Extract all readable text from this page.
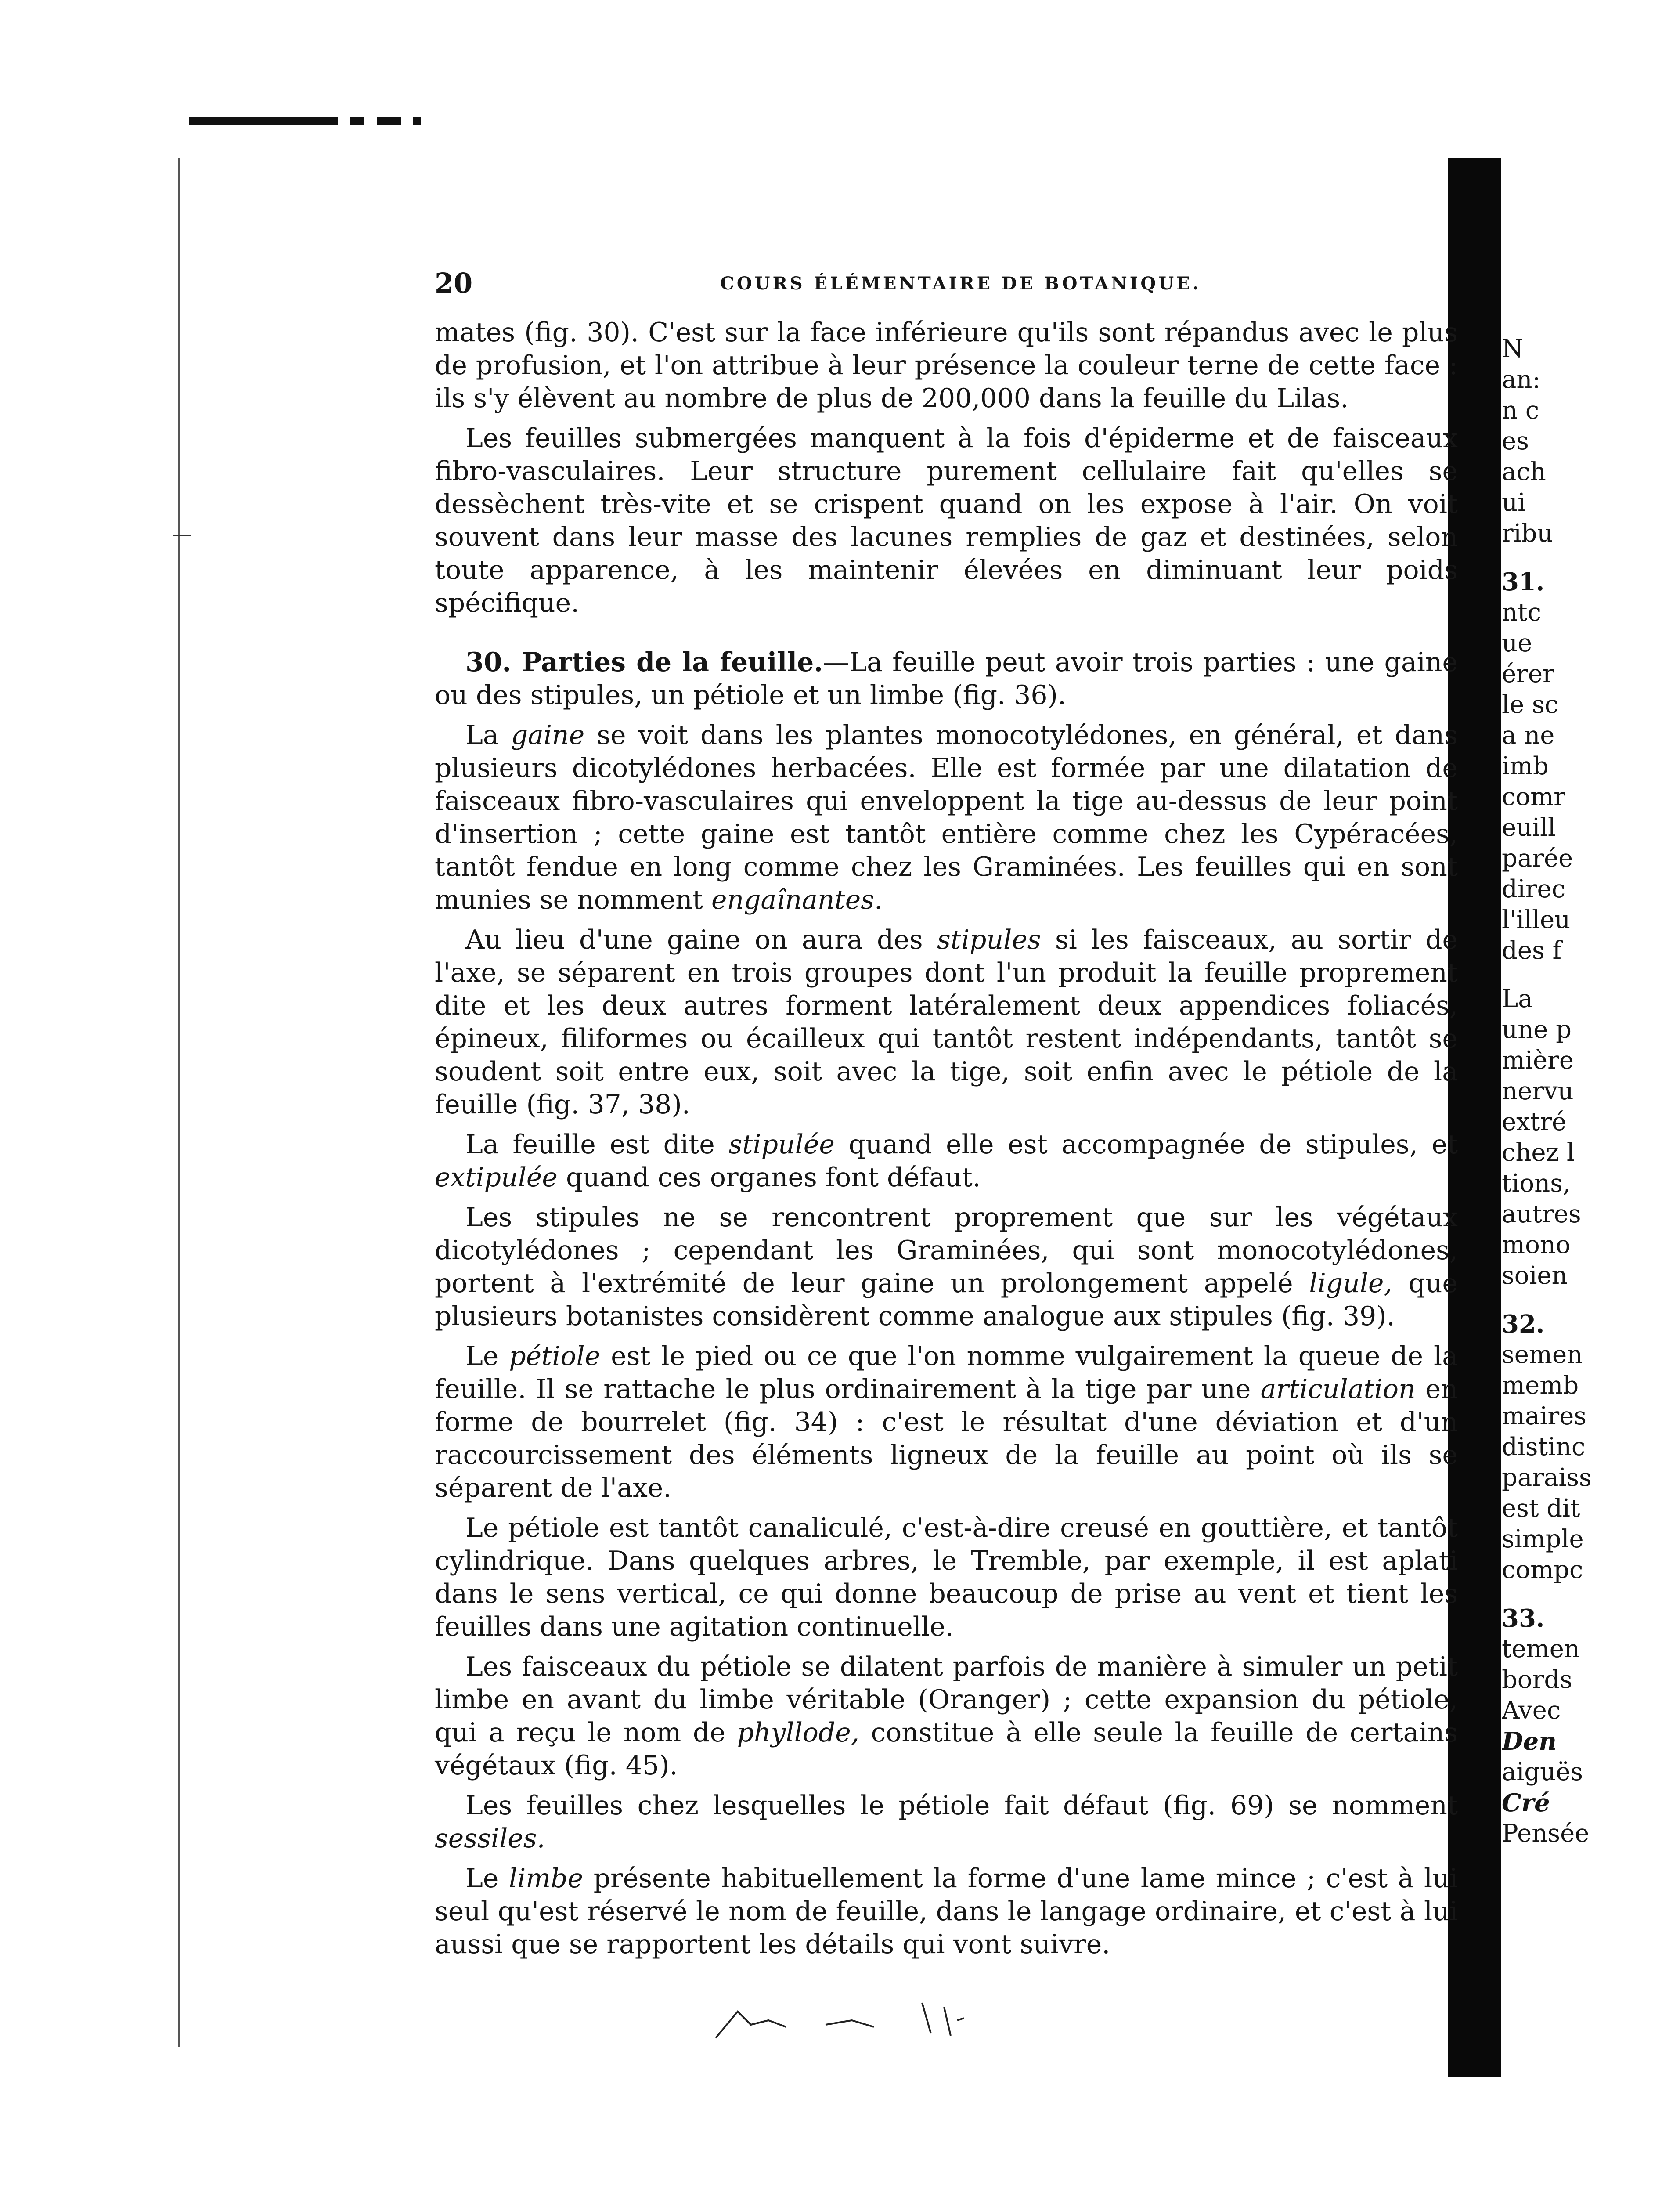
20	COURS ÉLÉMENTAIRE DE BOTANIQUE.

mates (fig. 30). C'est sur la face inférieure qu'ils sont répandus avec le plus de profusion, et l'on attribue à leur présence la couleur terne de cette face : ils s'y élèvent au nombre de plus de 200,000 dans la feuille du Lilas.

Les feuilles submergées manquent à la fois d'épiderme et de faisceaux fibro-vasculaires. Leur structure purement cellulaire fait qu'elles se dessèchent très-vite et se crispent quand on les expose à l'air. On voit souvent dans leur masse des lacunes remplies de gaz et destinées, selon toute apparence, à les maintenir élevées en diminuant leur poids spécifique.

30. Parties de la feuille.—La feuille peut avoir trois parties : une gaine ou des stipules, un pétiole et un limbe (fig. 36).

La gaine se voit dans les plantes monocotylédones, en général, et dans plusieurs dicotylédones herbacées. Elle est formée par une dilatation de faisceaux fibro-vasculaires qui enveloppent la tige au-dessus de leur point d'insertion ; cette gaine est tantôt entière comme chez les Cypéracées, tantôt fendue en long comme chez les Graminées. Les feuilles qui en sont munies se nomment engaînantes.

Au lieu d'une gaine on aura des stipules si les faisceaux, au sortir de l'axe, se séparent en trois groupes dont l'un produit la feuille proprement dite et les deux autres forment latéralement deux appendices foliacés, épineux, filiformes ou écailleux qui tantôt restent indépendants, tantôt se soudent soit entre eux, soit avec la tige, soit enfin avec le pétiole de la feuille (fig. 37, 38).

La feuille est dite stipulée quand elle est accompagnée de stipules, et extipulée quand ces organes font défaut.

Les stipules ne se rencontrent proprement que sur les végétaux dicotylédones ; cependant les Graminées, qui sont monocotylédones, portent à l'extrémité de leur gaine un prolongement appelé ligule, que plusieurs botanistes considèrent comme analogue aux stipules (fig. 39).

Le pétiole est le pied ou ce que l'on nomme vulgairement la queue de la feuille. Il se rattache le plus ordinairement à la tige par une articulation en forme de bourrelet (fig. 34) : c'est le résultat d'une déviation et d'un raccourcissement des éléments ligneux de la feuille au point où ils se séparent de l'axe.

Le pétiole est tantôt canaliculé, c'est-à-dire creusé en gouttière, et tantôt cylindrique. Dans quelques arbres, le Tremble, par exemple, il est aplati dans le sens vertical, ce qui donne beaucoup de prise au vent et tient les feuilles dans une agitation continuelle.

Les faisceaux du pétiole se dilatent parfois de manière à simuler un petit limbe en avant du limbe véritable (Oranger) ; cette expansion du pétiole, qui a reçu le nom de phyllode, constitue à elle seule la feuille de certains végétaux (fig. 45).

Les feuilles chez lesquelles le pétiole fait défaut (fig. 69) se nomment sessiles.

Le limbe présente habituellement la forme d'une lame mince ; c'est à lui seul qu'est réservé le nom de feuille, dans le langage ordinaire, et c'est à lui aussi que se rapportent les détails qui vont suivre.

N
an:
n c
es
ach
ui
ribu
31.
ntc
ue
érer
le sc
a ne
imb
comr
euill
parée
direc
l'illeu
des f
La
une p
mière
nervu
extré
chez l
tions,
autres
mono
soien
32.
semen
memb
maires
distinc
paraiss
est dit
simple
compc
33.
temen
bords
Avec
Den
aiguës
Cré
Pensée
